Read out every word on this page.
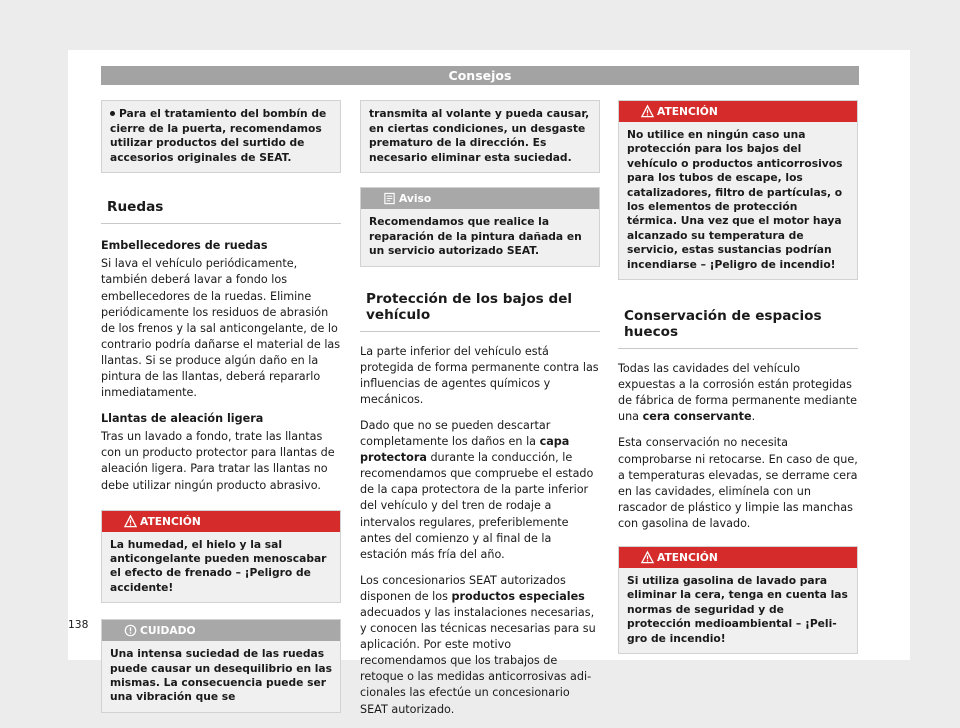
Consejos
Para el tratamiento del bombín de cierre de la puerta, recomendamos utilizar productos del surtido de accesorios originales de SEAT.
Ruedas
Embellecedores de ruedas
Si lava el vehículo periódicamente, también deberá lavar a fondo los embellecedores de la ruedas. Elimine periódicamente los residuos de abrasión de los frenos y la sal anticongelante, de lo contrario podría dañarse el material de las llantas. Si se produce algún daño en la pintura de las llantas, deberá repararlo inmediatamente.
Llantas de aleación ligera
Tras un lavado a fondo, trate las llantas con un producto protector para llantas de aleación ligera. Para tratar las llantas no debe utilizar ningún producto abrasivo.
ATENCIÓN
La humedad, el hielo y la sal anticongelante pueden menoscabar el efecto de frenado – ¡Peligro de accidente!
CUIDADO
Una intensa suciedad de las ruedas puede causar un desequilibrio en las mismas. La consecuencia puede ser una vibración que se
transmita al volante y pueda causar, en ciertas condiciones, un desgaste prematuro de la dirección. Es necesario eliminar esta suciedad.
Aviso
Recomendamos que realice la reparación de la pintura dañada en un servicio autorizado SEAT.
Protección de los bajos del vehículo
La parte inferior del vehículo está protegida de forma permanente contra las influencias de agentes químicos y mecánicos.
Dado que no se pueden descartar completamente los daños en la capa protectora durante la conducción, le recomendamos que compruebe el estado de la capa protectora de la parte inferior del vehículo y del tren de rodaje a intervalos regulares, preferiblemente antes del comienzo y al final de la estación más fría del año.
Los concesionarios SEAT autorizados disponen de los productos especiales adecuados y las instalaciones necesarias, y conocen las técnicas necesarias para su aplicación. Por este motivo recomendamos que los trabajos de retoque o las medidas anticorrosivas adicionales las efectúe un concesionario SEAT autorizado.
ATENCIÓN
No utilice en ningún caso una protección para los bajos del vehículo o productos anticorrosivos para los tubos de escape, los catalizadores, filtro de partículas, o los elementos de protección térmica. Una vez que el motor haya alcanzado su temperatura de servicio, estas sustancias podrían incendiarse – ¡Peligro de incendio!
Conservación de espacios huecos
Todas las cavidades del vehículo expuestas a la corrosión están protegidas de fábrica de forma permanente mediante una cera conservante.
Esta conservación no necesita comprobarse ni retocarse. En caso de que, a temperaturas elevadas, se derrame cera en las cavidades, elimínela con un rascador de plástico y limpie las manchas con gasolina de lavado.
ATENCIÓN
Si utiliza gasolina de lavado para eliminar la cera, tenga en cuenta las normas de seguridad y de protección medioambiental – ¡Peligro de incendio!
138
